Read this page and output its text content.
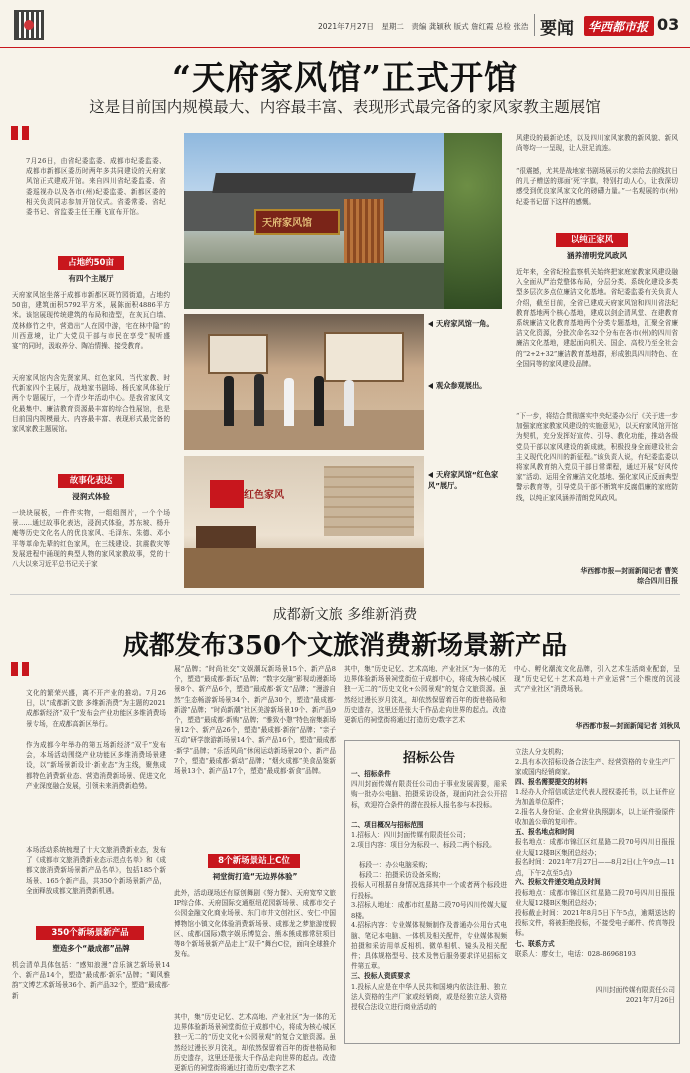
2021年7月27日　星期二　责编 龚颖秋 版式 詹红霞 总检 张浩 要闻 华西都市报 03
“天府家风馆”正式开馆
这是目前国内规模最大、内容最丰富、表现形式最完备的家风家教主题展馆
7月26日，由省纪委监委、成都市纪委监委、成都市新都区委历时两年多共同建设的天府家风馆正式建成开馆。来自四川省纪委监委、省委巡视办以及各市(州)纪委监委、新都区委的相关负责同志参加开馆仪式。省委常委、省纪委书记、省监委主任王雁飞宣布开馆。
占地约50亩
有四个主展厅
天府家风馆坐落于成都市新都区斑竹园街道，占地约50亩，建筑面积5792平方米，展陈面积4886平方米。该馆展现传统建筑的布局和造型，在灰瓦白墙、茂林修竹之中，营造出“人在园中游，宅在林中隐”的川西意境，让广大党员干部与市民在享受“视听盛宴”的同时，汲取养分、陶冶情操、接受教育。
天府家风馆内含先贤家风、红色家风、当代家教、时代新家四个主展厅，战地家书剧场、杨氏家风体验厅两个专题展厅，一个青少年活动中心。是我省家风文化最集中、廉洁教育资源最丰富的综合性展馆，也是目前国内规模最大、内容最丰富、表现形式最完备的家风家教主题展馆。
故事化表达
浸润式体验
一块块展板，一件件实物，一组组图片，一个个场景……通过故事化表达，浸润式体验，苏东坡、杨升庵等历史文化名人的优良家风、毛泽东、朱德、邓小平等革命先辈的红色家风，在三线建设、抗震救灾等发展进程中涌现的典型人物的家风家教故事，党的十八大以来习近平总书记关于家
天府家风馆
红色家风
天府家风馆一角。
观众参观展出。
天府家风馆“红色家风”展厅。
风建设的最新论述，以及四川家风家教的新风貌、新风尚等均一一呈现，让人驻足流连。
“很震撼，尤其是战地家书剧场展示的父亲给去前线抗日的儿子赠送的那面‘死’字旗，特别打动人心，让我深切感受到优良家风家文化的磅礴力量。”一名观展的市(州)纪委书记留下这样的感慨。
以纯正家风
涵养清明党风政风
近年来，全省纪检监察机关始终把家庭家教家风建设融入全面从严治党整体布局，分层分类、系统化建设多类型多层次多点位廉洁文化基地。省纪委监委有关负责人介绍，截至目前，全省已建成天府家风馆和四川省法纪教育基地两个核心基地，建成以剑企清风堂、在建教育系统廉洁文化教育基地两个分类专题基地，汇聚全省廉洁文化资源，分批次命名32个分布在各市(州)的四川省廉洁文化基地，建起面向机关、国企、高校乃至全社会的“2+2+32”廉洁教育基地群，形成独具四川特色、在全国同等的家风建设品牌。
“下一步，将结合贯彻落实中央纪委办公厅《关于进一步加强家庭家教家风建设的实施意见》，以天府家风馆开馆为契机，充分发挥好宣传、引导、教化功能，推动各级党员干部以家风建设的新成就，积极投身全面建设社会主义现代化四川的新征程。”该负责人说，有纪委监委以将家风教育纳入党员干部日常课程，通过开展“好风传家”活动、运用全省廉洁文化基地、强化家风正反面典型警示教育等，引导党员干部不断筑牢反腐倡廉的家庭防线，以纯正家风涵养清朗党风政风。
华西都市报—封面新闻记者 曹笑
综合四川日报
成都新文旅 多维新消费
成都发布350个文旅消费新场景新产品
文化的繁荣兴盛，离不开产业的推动。7月26日，以“成都新文旅 多维新消费”为主题的2021成都新经济“双千”发布会产业功能区多维消费场景专场，在成都高新区举行。
作为成都今年举办的第五场新经济“双千”发布会，本场活动围绕产业功能区多维消费场景建设，以“新场景新设计·新业态”为主线，聚焦成都特色消费新业态、营造消费新场景、促进文化产业深度融合发展，引领未来消费新趋势。
本场活动系统梳理了十大文旅消费新业态，发布了《成都市文旅消费新业态示范点名单》和《成都文旅消费新场景新产品名单》，包括185个新场景、165个新产品，共350个新场景新产品，全面释放成都文旅消费新机遇。
350个新场景新产品
塑造多个“最成都”品牌
机会清单具体包括：“感知浪漫”音乐演艺新场景14个、新产品14个，塑造“最成都·新乐”品牌；“蜀风雅韵”文博艺术新场景36个、新产品32个，塑造“最成都·新
展”品牌；“时尚社交”文娱潮玩新场景15个、新产品8个，塑造“最成都·新玩”品牌；“数字交融”影视动漫新场景8个、新产品6个，塑造“最成都·新文”品牌；“漫游自然”生态畅游新场景34个、新产品30个，塑造“最成都·新游”品牌；“时尚新潮”社区美游新场景19个、新产品9个，塑造“最成都·新购”品牌；“雅致小憩”特色宿集新场景12个、新产品26个，塑造“最成都·新宿”品牌；“亲子互动”研学旅游新场景14个、新产品16个，塑造“最成都·新学”品牌；“乐活风尚”休闲运动新场景20个、新产品7个，塑造“最成都·新动”品牌；“烟火成都”美食品鉴新场景13个、新产品17个，塑造“最成都·新食”品牌。
8个新场景站上C位
祠堂街打造“无边界体验”
此外，活动现场还有原创舞剧《努力餐》、天府宽窄文旅IP综合体、天府国际交通枢纽花园新场景、成都市交子公园金融文化商业场景、东门市井文创社区、安仁·中国博物馆小镇文化体验消费新场景、成都龙之梦旅游度假区、成都(国际)数字娱乐博览会、熊本熊成都常驻项目等8个新场景新产品走上“双千”舞台C位，面向全球推介发布。
其中，集“历史记忆、艺术高地、产业社区”为一体的无边界体验新场景祠堂街位于成都中心，将成为核心城区独一无二的“历史文化+公园景观”的复合文旅资源。虽然经过漫长岁月洗礼，却依然保留着百年的街巷格局和历史遗存，这里还是张大千作品走向世界的起点。改造更新后的祠堂街将通过打造历史/数字艺术
其中，集“历史记忆、艺术高地、产业社区”为一体的无边界体验新场景祠堂街位于成都中心，将成为核心城区独一无二的“历史文化+公园景观”的复合文旅资源。虽然经过漫长岁月洗礼，却依然保留着百年的街巷格局和历史遗存，这里还是张大千作品走向世界的起点。改造更新后的祠堂街将通过打造历史/数字艺术
中心、孵化潮流文化品牌，引入艺术生活商业配套，呈现“历史记忆＋艺术高地＋产业运营”三个维度的沉浸式“产业社区”消费场景。
华西都市报—封面新闻记者 刘秋凤
招标公告
一、招标条件
四川封面传媒有限责任公司由于事业发展需要，需采购一批办公电脑、拍摄采访设备，现面向社会公开招标，欢迎符合条件的潜在投标人报名参与本投标。
二、项目概况与招标范围
1.招标人：四川封面传媒有限责任公司；
2.项目内容：项目分为标段一、标段二两个标段。
标段一：办公电脑采购；
标段二：拍摄采访设备采购；
投标人可根据自身情况选择其中一个或者两个标段进行投标。
3.招标人地址：成都市红星路二段70号四川传媒大厦8楼。
4.招标内容：专业媒体视频制作及普通办公用台式电脑、笔记本电脑、一体机及相关配件，专业媒体视频拍摄和采访用单反相机、微单相机、镜头及相关配件；具体规格型号、技术及售后服务要求详见招标文件第五章。
三、投标人资质要求
1.投标人应是在中华人民共和国境内依法注册、独立法人资格的生产厂家或经销商，或是经独立法人资格授权合法设立进行商业活动的
立法人分支机构；
2.具有本次招标设备合法生产、经营资格的专业生产厂家或国内经销商家。
四、报名需要提交的材料
1.经办人介绍信或法定代表人授权委托书，以上证件应为加盖单位原件；
2.报名人身份证、企业营业执照副本，以上证件验原件收加盖公章的复印件。
五、报名地点和时间
报名地点：成都市锦江区红星路二段70号四川日报报业大厦12楼B区集团总经办；
报名时间：2021年7月27日——8月2日(上午9点—11点，下午2点至5点)
六、投标文件递交地点及时间
投标地点：成都市锦江区红星路二段70号四川日报报业大厦12楼B区集团总经办；
投标截止时间：2021年8月5日下午5点，逾期送达的投标文件，将被拒绝投标，不接受电子邮件、传真等投标。
七、联系方式
联系人：廖女士，电话：028-86968193
四川封面传媒有限责任公司
2021年7月26日
